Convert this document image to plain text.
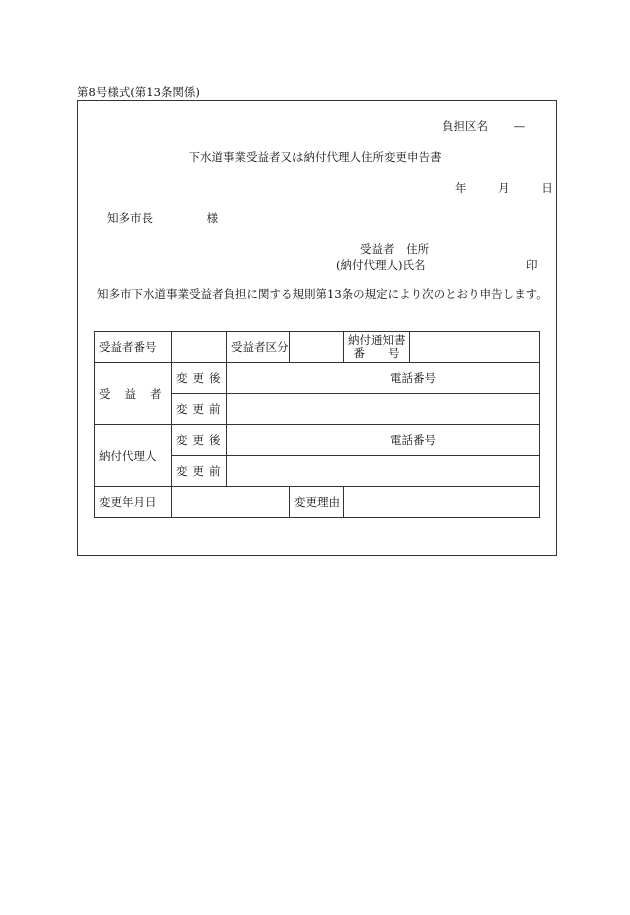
第8号様式(第13条関係)
負担区名 —
下水道事業受益者又は納付代理人住所変更申告書
年	月	日
知多市長	様
受益者 住所
(納付代理人)氏名	印
知多市下水道事業受益者負担に関する規則第13条の規定により次のとおり申告します。
受益者番号		受益者区分		納付通知書
番　　号	

受益者	変更後	電話番号			
	変更前				
納付代理人	変更後	電話番号			
	変更前				
変更年月日			変更理由		
